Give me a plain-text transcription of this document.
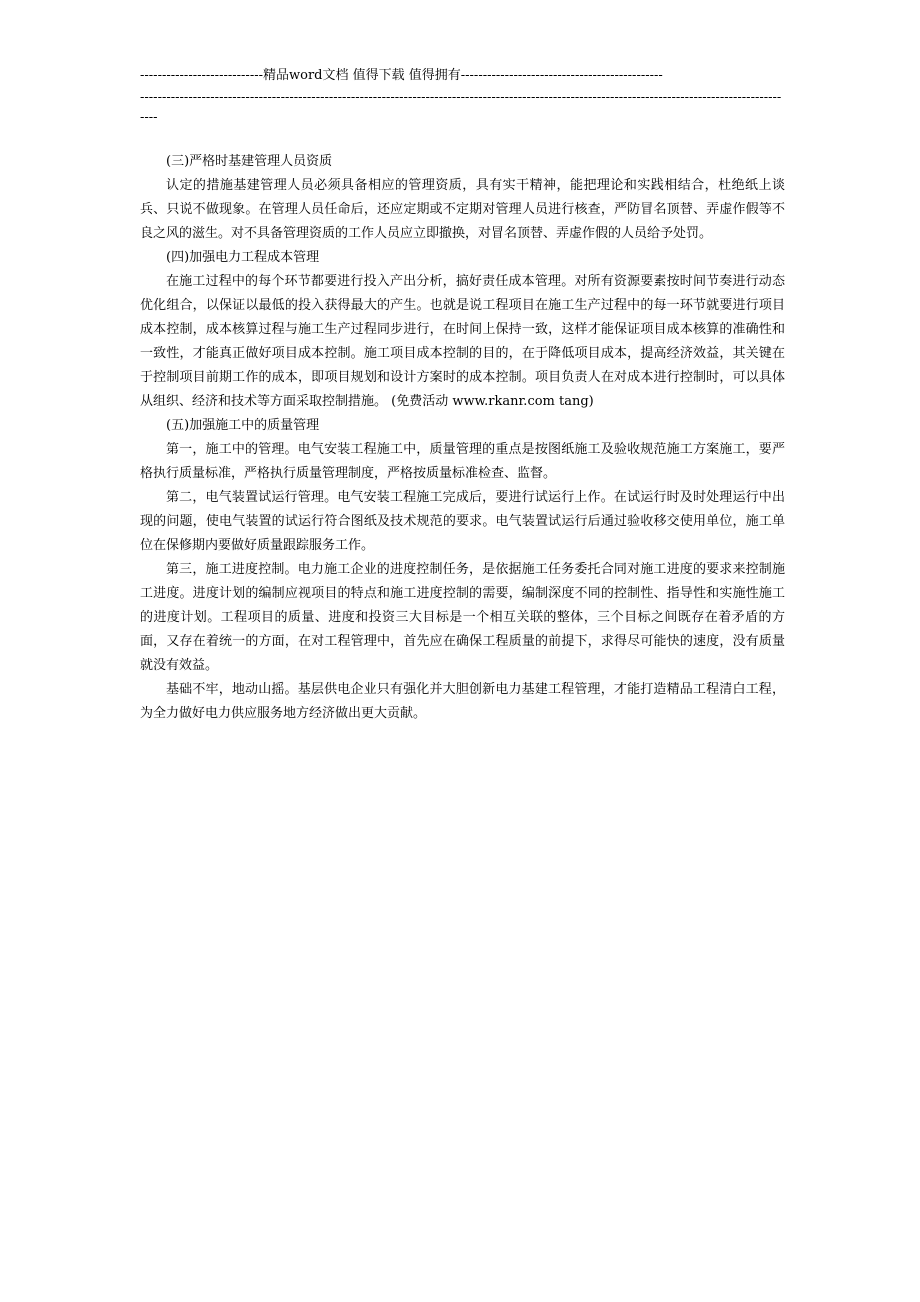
----------------------------精品word文档 值得下载 值得拥有----------------------------------------------
------------------------------------------------------------------------------------------------------------------------------------------------------

(三)严格时基建管理人员资质

认定的措施基建管理人员必须具备相应的管理资质，具有实干精神，能把理论和实践相结合，杜绝纸上谈兵、只说不做现象。在管理人员任命后，还应定期或不定期对管理人员进行核查，严防冒名顶替、弄虚作假等不良之风的滋生。对不具备管理资质的工作人员应立即撤换，对冒名顶替、弄虚作假的人员给予处罚。

(四)加强电力工程成本管理

在施工过程中的每个环节都要进行投入产出分析，搞好责任成本管理。对所有资源要素按时间节奏进行动态优化组合，以保证以最低的投入获得最大的产生。也就是说工程项目在施工生产过程中的每一环节就要进行项目成本控制，成本核算过程与施工生产过程同步进行，在时间上保持一致，这样才能保证项目成本核算的准确性和一致性，才能真正做好项目成本控制。施工项目成本控制的目的，在于降低项目成本，提高经济效益，其关键在于控制项目前期工作的成本，即项目规划和设计方案时的成本控制。项目负责人在对成本进行控制时，可以具体从组织、经济和技术等方面采取控制措施。 (免费活动 www.rkanr.com tang)

(五)加强施工中的质量管理

第一，施工中的管理。电气安装工程施工中，质量管理的重点是按图纸施工及验收规范施工方案施工，要严格执行质量标准，严格执行质量管理制度，严格按质量标准检查、监督。

第二，电气装置试运行管理。电气安装工程施工完成后，要进行试运行上作。在试运行时及时处理运行中出现的问题，使电气装置的试运行符合图纸及技术规范的要求。电气装置试运行后通过验收移交使用单位，施工单位在保修期内要做好质量跟踪服务工作。

第三，施工进度控制。电力施工企业的进度控制任务，是依据施工任务委托合同对施工进度的要求来控制施工进度。进度计划的编制应视项目的特点和施工进度控制的需要，编制深度不同的控制性、指导性和实施性施工的进度计划。工程项目的质量、进度和投资三大目标是一个相互关联的整体，三个目标之间既存在着矛盾的方面，又存在着统一的方面，在对工程管理中，首先应在确保工程质量的前提下，求得尽可能快的速度，没有质量就没有效益。

基础不牢，地动山摇。基层供电企业只有强化并大胆创新电力基建工程管理，才能打造精品工程清白工程，为全力做好电力供应服务地方经济做出更大贡献。
